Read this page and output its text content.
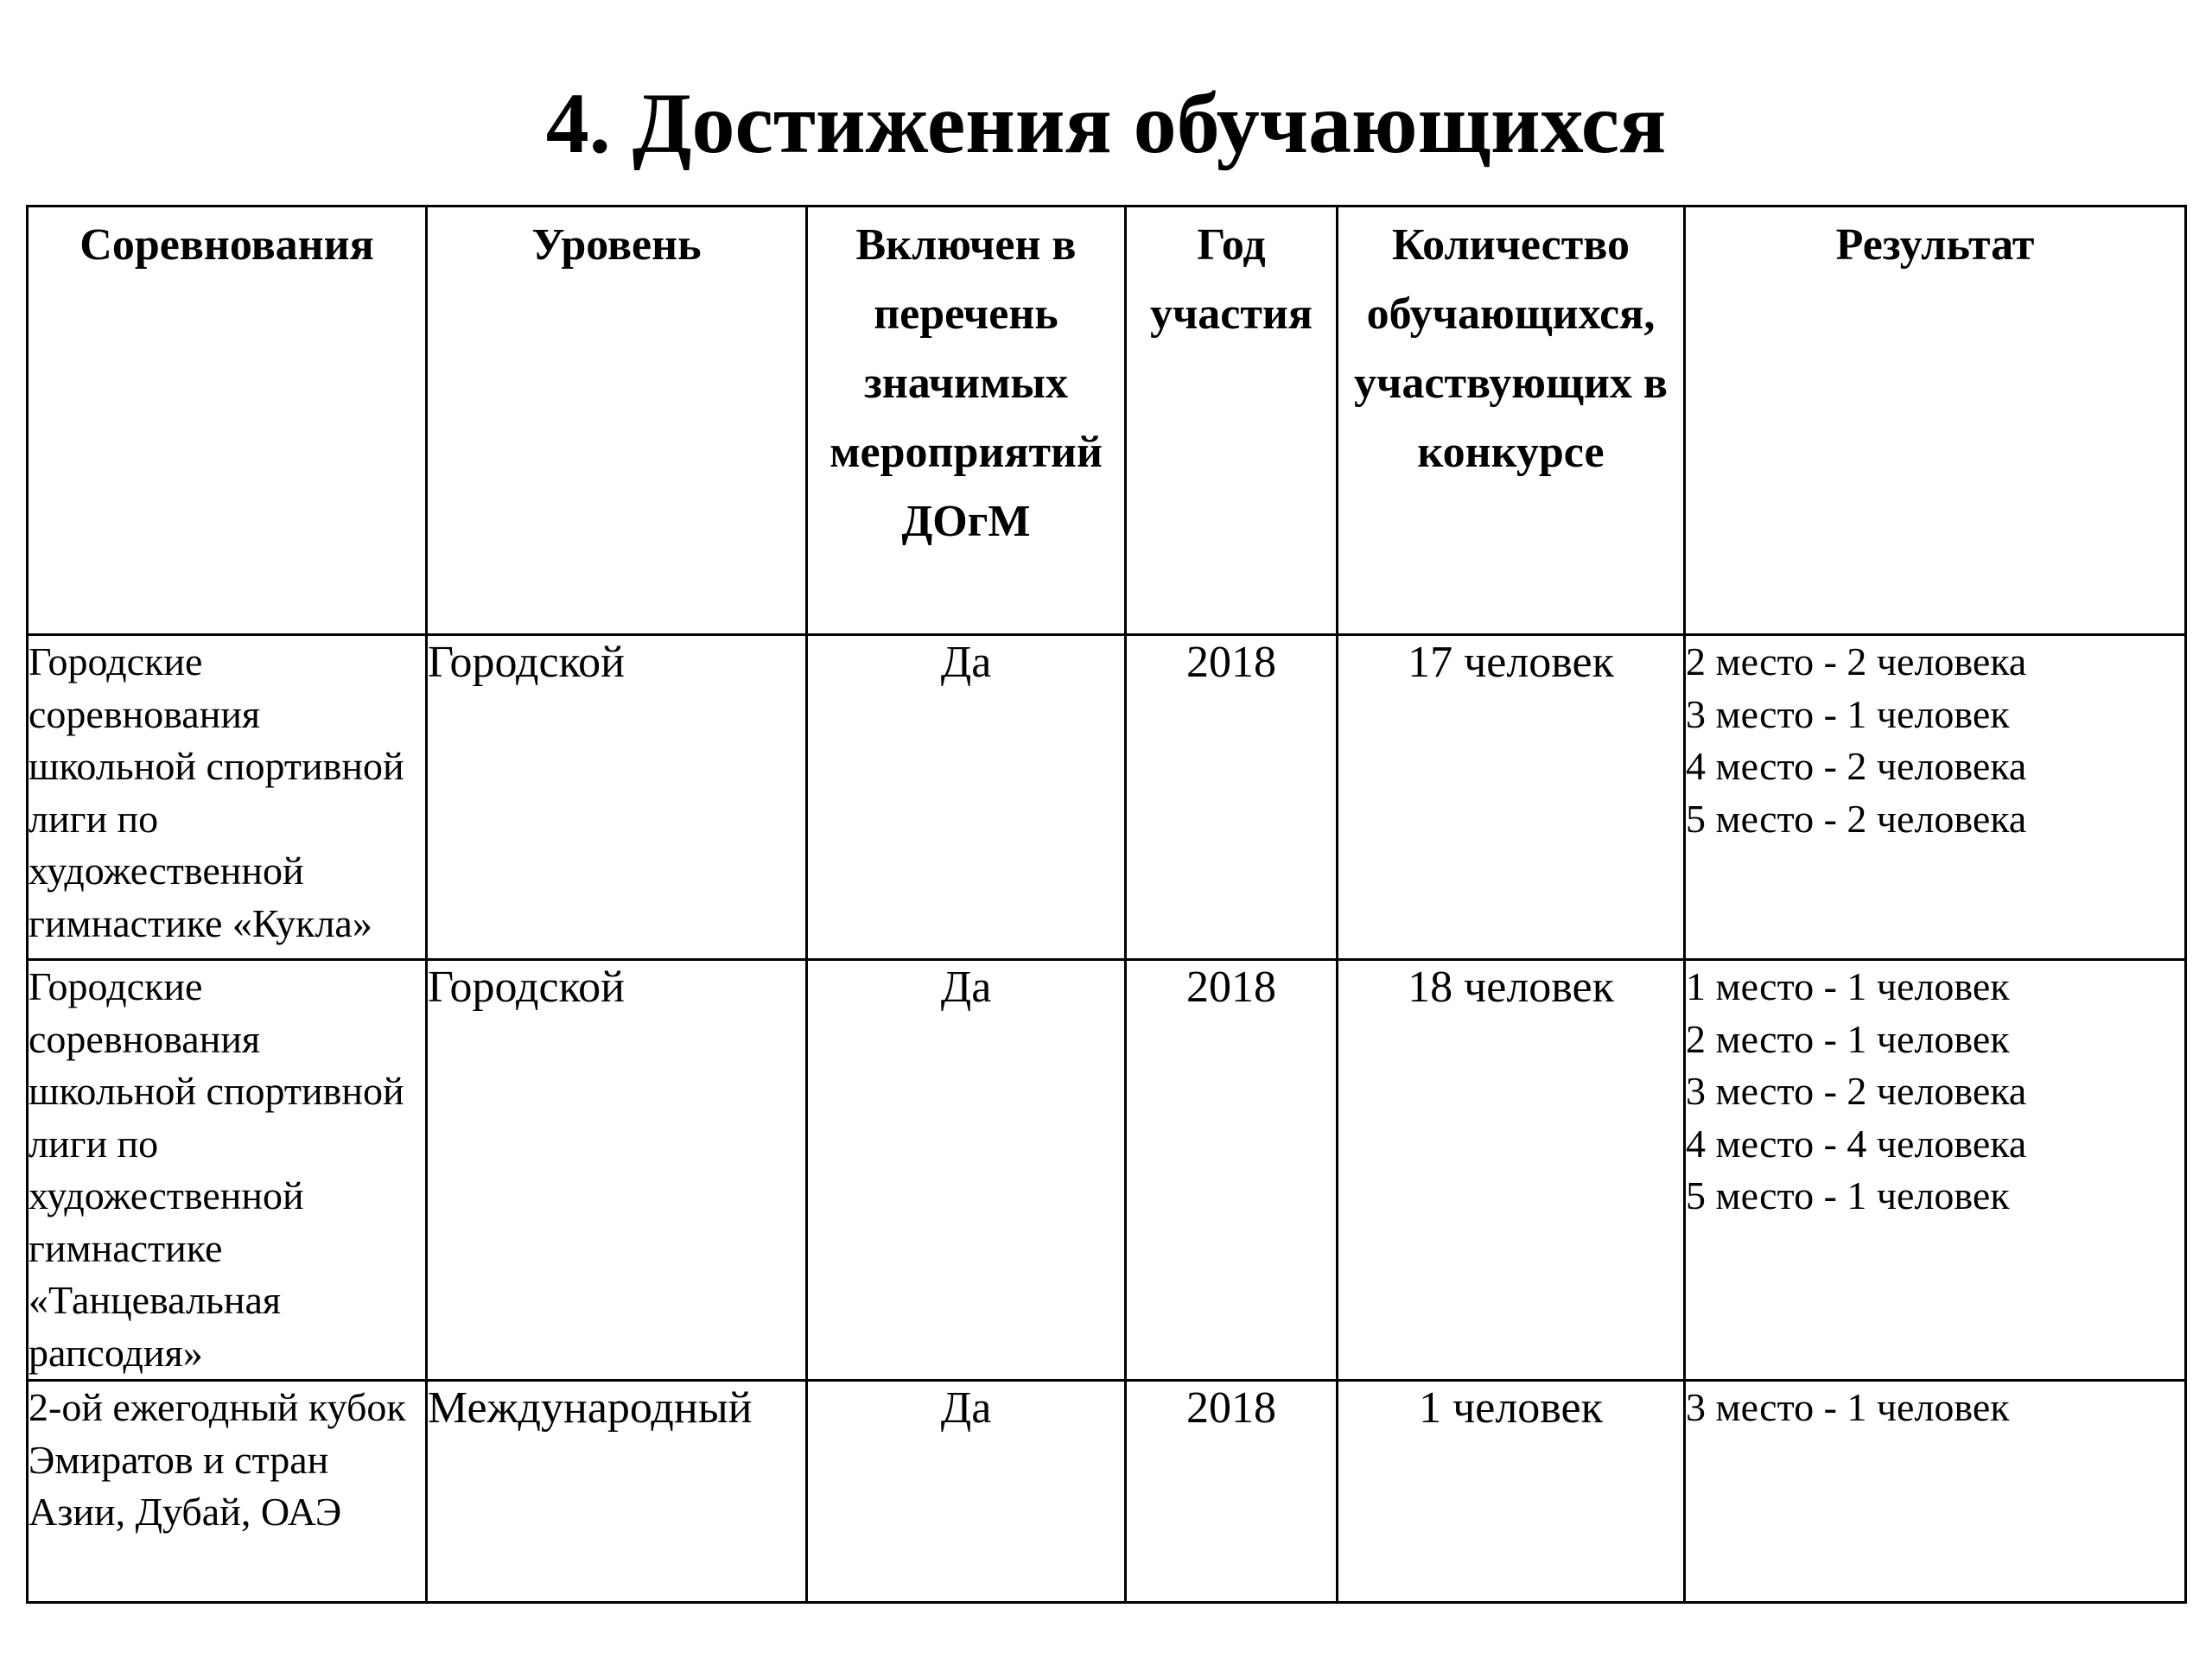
4. Достижения обучающихся
Соревнования	Уровень	Включен в перечень значимых мероприятий ДОгМ	Год участия	Количество обучающихся, участвующих в конкурсе	Результат
Городские соревнования школьной спортивной лиги по художественной гимнастике «Кукла»	Городской	Да	2018	17 человек	2 место - 2 человека
3 место - 1 человек
4 место - 2 человека
5 место - 2 человека

Городские соревнования школьной спортивной лиги по художественной гимнастике «Танцевальная рапсодия»	Городской	Да	2018	18 человек	1 место - 1 человек
2 место - 1 человек
3 место - 2 человека
4 место - 4 человека
5 место - 1 человек

2-ой ежегодный кубок Эмиратов и стран Азии, Дубай, ОАЭ	Международный	Да	2018	1 человек	3 место - 1 человек
